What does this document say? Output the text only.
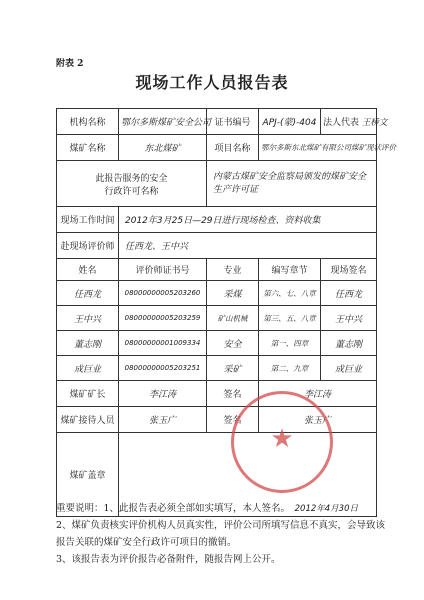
附表 2
现场工作人员报告表
机构名称	鄂尔多斯煤矿安全公司	证书编号	APJ-(蒙)-404	法人代表 王桥文
煤矿名称	东北煤矿	项目名称	鄂尔多斯东北煤矿有限公司煤矿现状评价	

此报告服务的安全
行政许可名称		内蒙古煤矿安全监察局颁发的煤矿安全生产许可证		
现场工作时间	2012年3月25日—29日进行现场检查、资料收集			
赴现场评价师	任西龙、王中兴			
姓名	评价师证书号	专业	编写章节	现场签名
任西龙	08000000005203260	采煤	第六、七、八章	任西龙
王中兴	08000000005203259	矿山机械	第三、五、八章	王中兴
董志刚	08000000001009334	安全	第一、四章	董志刚
成巨业	08000000005203251	采矿	第二、九章	成巨业
煤矿矿长	李江涛	签名	李江涛	
煤矿接待人员	张玉广	签名	张玉广	
煤矿盖章	★
2012年4月30日			

重要说明：1、此报告表必须全部如实填写，本人签名。

2、煤矿负责核实评价机构人员真实性，评价公司所填写信息不真实，会导致该报告关联的煤矿安全行政许可项目的撤销。

3、该报告表为评价报告必备附件，随报告网上公开。
